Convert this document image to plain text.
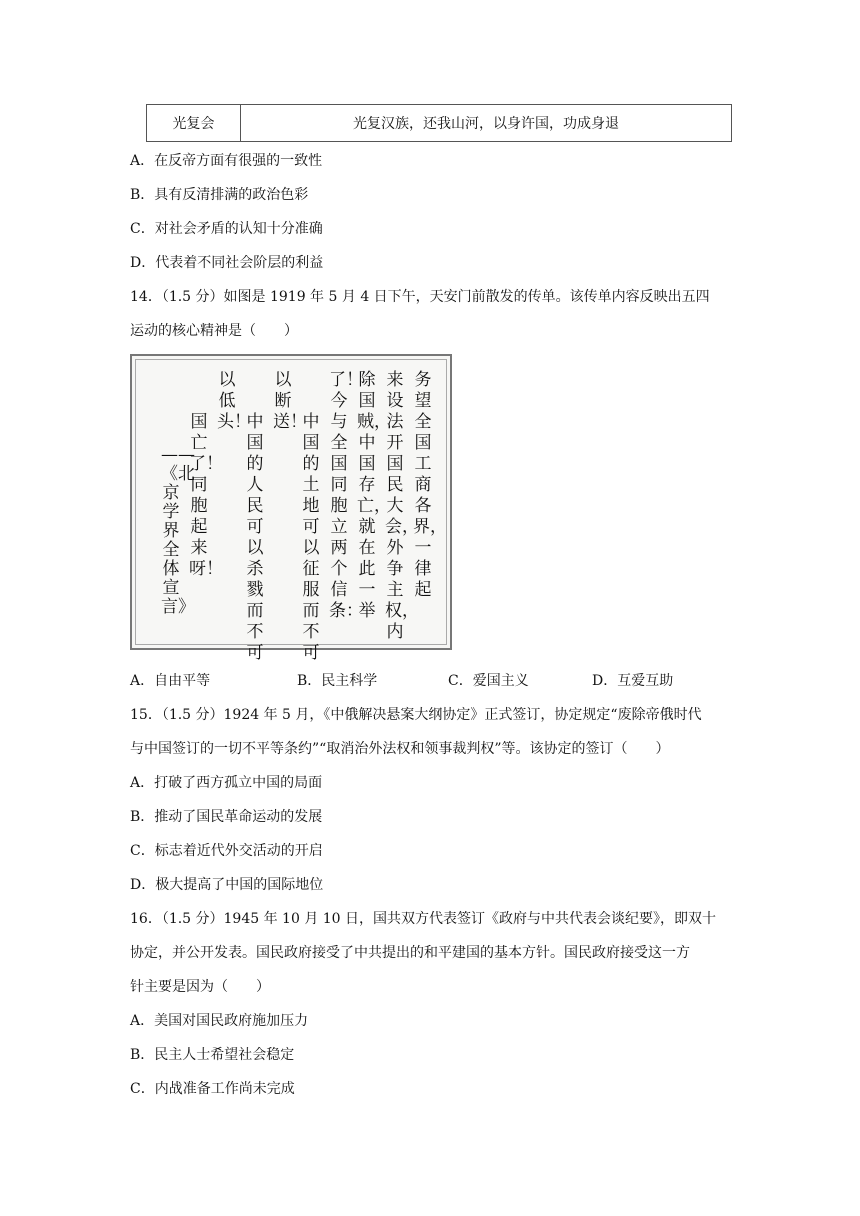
光复会	光复汉族，还我山河，以身许国，功成身退
A．在反帝方面有很强的一致性
B．具有反清排满的政治色彩
C．对社会矛盾的认知十分准确
D．代表着不同社会阶层的利益
14．（1.5 分）如图是 1919 年 5 月 4 日下午，天安门前散发的传单。该传单内容反映出五四
运动的核心精神是（　　）
务望全国工商各界，一律起
来设法开国民大会，外争主权，内
除国贼，中国存亡，就在此一举
了！今与全国同胞立两个信条：
中国的土地可以征服而不可
以断送！
中国的人民可以杀戮而不可
以低头！
国亡了！同胞起来呀！
——《北京学界全体宣言》
A．自由平等	B．民主科学	C．爱国主义	D．互爱互助
15．（1.5 分）1924 年 5 月，《中俄解决悬案大纲协定》正式签订，协定规定“废除帝俄时代
与中国签订的一切不平等条约”“取消治外法权和领事裁判权”等。该协定的签订（　　）
A．打破了西方孤立中国的局面
B．推动了国民革命运动的发展
C．标志着近代外交活动的开启
D．极大提高了中国的国际地位
16．（1.5 分）1945 年 10 月 10 日，国共双方代表签订《政府与中共代表会谈纪要》，即双十
协定，并公开发表。国民政府接受了中共提出的和平建国的基本方针。国民政府接受这一方
针主要是因为（　　）
A．美国对国民政府施加压力
B．民主人士希望社会稳定
C．内战准备工作尚未完成
